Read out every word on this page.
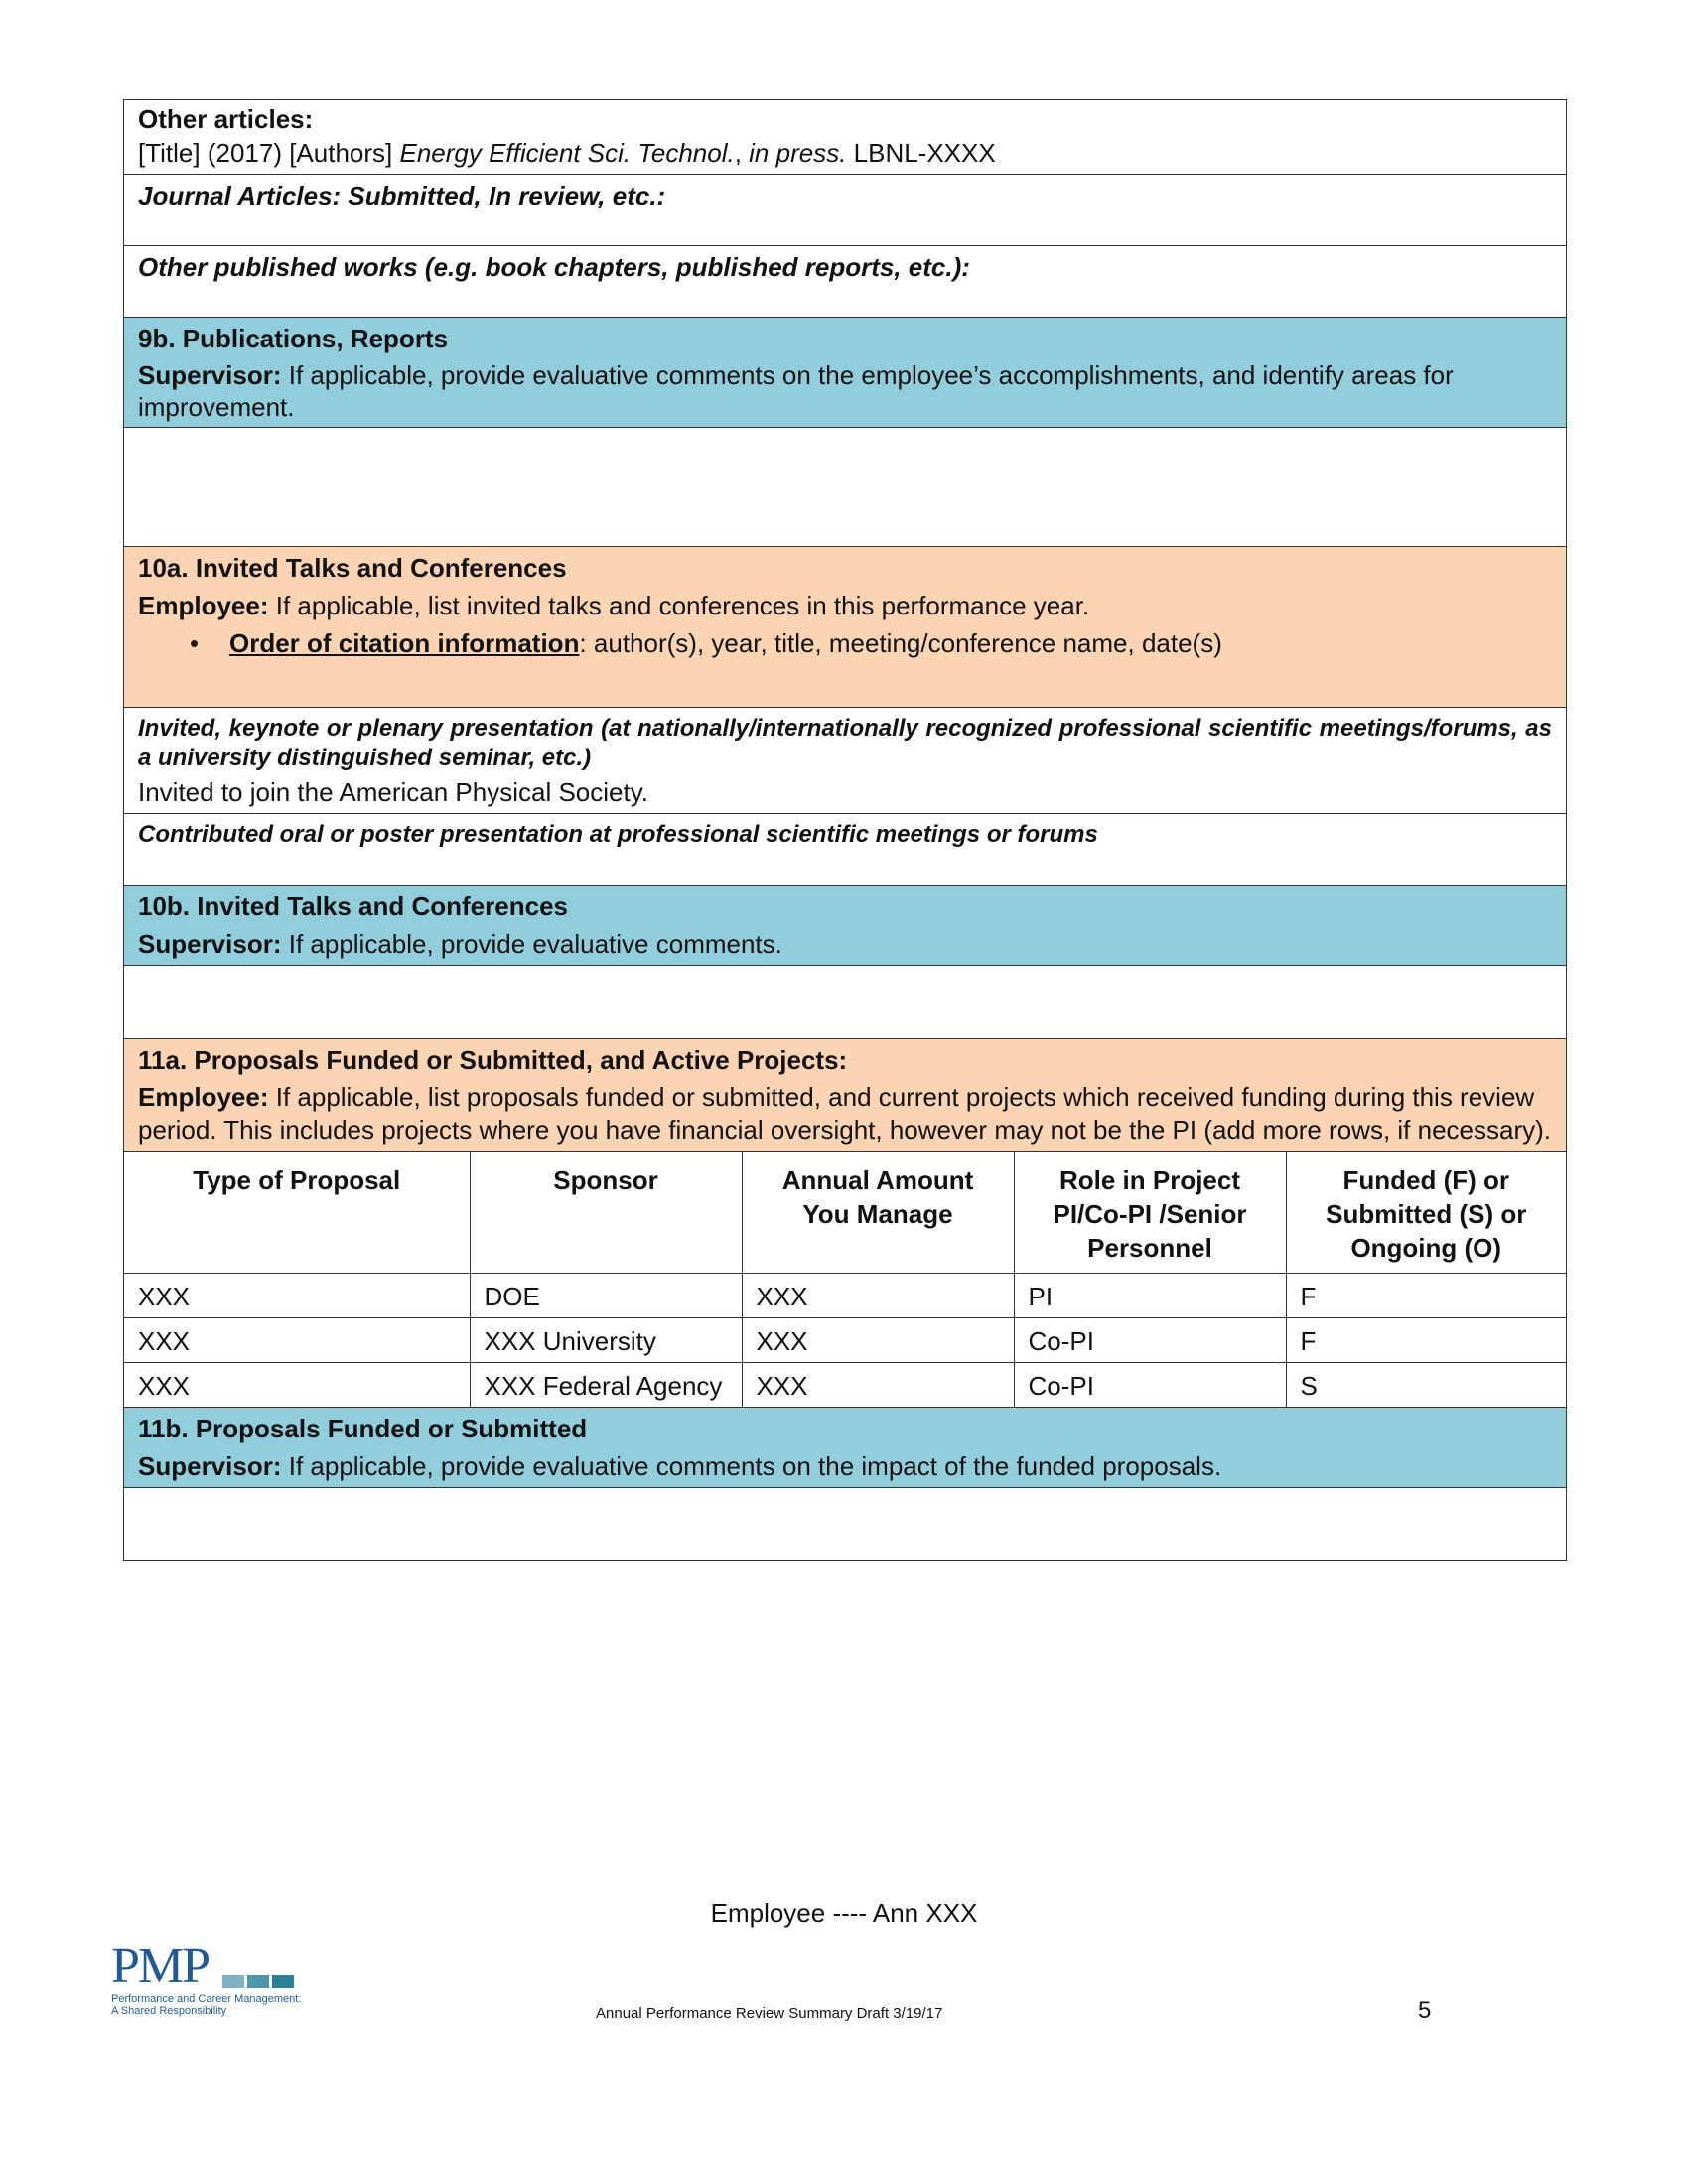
Other articles:
[Title] (2017) [Authors] Energy Efficient Sci. Technol., in press. LBNL-XXXX
Journal Articles: Submitted, In review, etc.:
Other published works (e.g. book chapters, published reports, etc.):
9b. Publications, Reports
Supervisor: If applicable, provide evaluative comments on the employee’s accomplishments, and identify areas for improvement.
10a. Invited Talks and Conferences
Employee: If applicable, list invited talks and conferences in this performance year.
•	Order of citation information: author(s), year, title, meeting/conference name, date(s)
Invited, keynote or plenary presentation (at nationally/internationally recognized professional scientific meetings/forums, as a university distinguished seminar, etc.)
Invited to join the American Physical Society.
Contributed oral or poster presentation at professional scientific meetings or forums
10b. Invited Talks and Conferences
Supervisor: If applicable, provide evaluative comments.
11a. Proposals Funded or Submitted, and Active Projects:
Employee: If applicable, list proposals funded or submitted, and current projects which received funding during this review period. This includes projects where you have financial oversight, however may not be the PI (add more rows, if necessary).
Type of Proposal	Sponsor	Annual Amount You Manage	Role in Project PI/Co-PI /Senior Personnel	Funded (F) or Submitted (S) or Ongoing (O)
XXX	DOE	XXX	PI	F
XXX	XXX University	XXX	Co-PI	F
XXX	XXX Federal Agency	XXX	Co-PI	S
11b. Proposals Funded or Submitted
Supervisor: If applicable, provide evaluative comments on the impact of the funded proposals.
Employee ---- Ann XXX
PMP
Performance and Career Management:
A Shared Responsibility	Annual Performance Review Summary Draft 3/19/17	5
